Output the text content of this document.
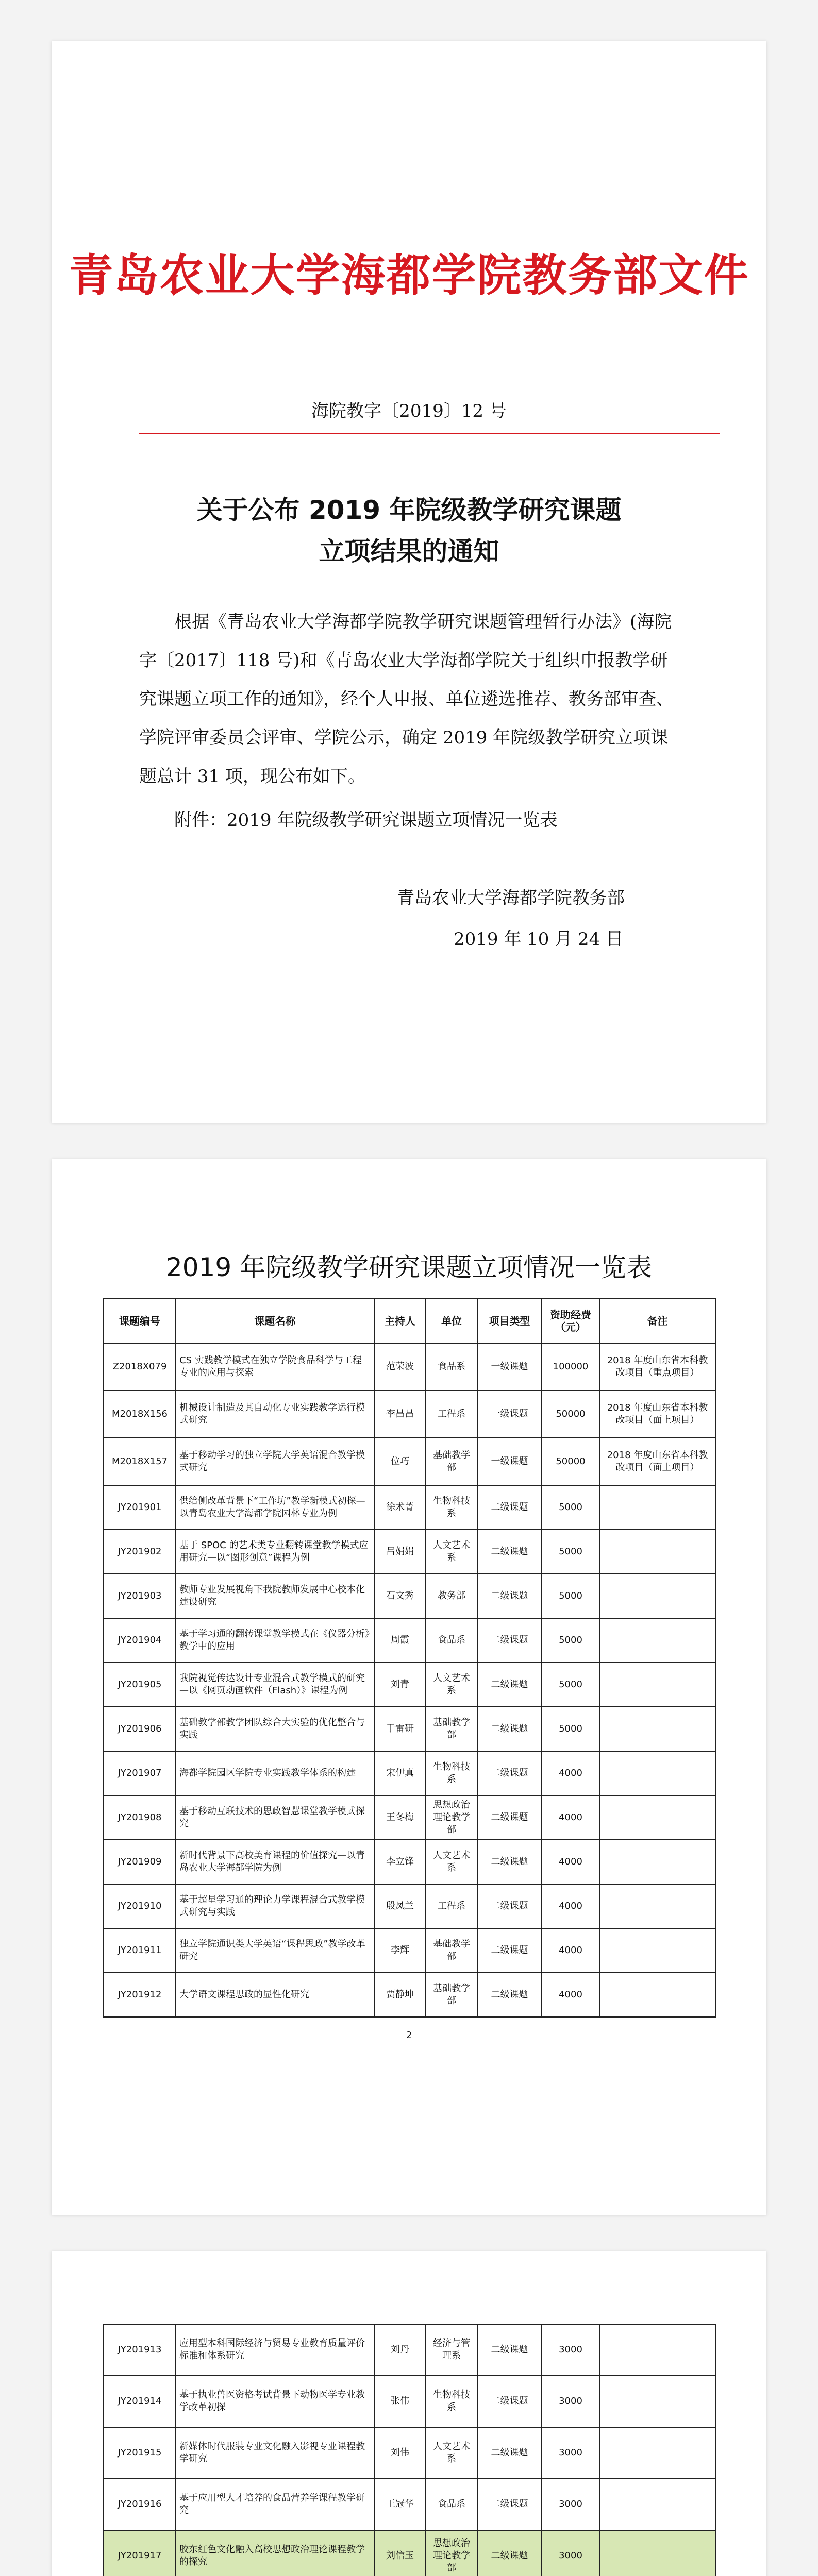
青岛农业大学海都学院教务部文件
海院教字〔2019〕12 号
关于公布 2019 年院级教学研究课题
立项结果的通知

根据《青岛农业大学海都学院教学研究课题管理暂行办法》(海院字〔2017〕118 号)和《青岛农业大学海都学院关于组织申报教学研究课题立项工作的通知》，经个人申报、单位遴选推荐、教务部审查、学院评审委员会评审、学院公示，确定 2019 年院级教学研究立项课题总计 31 项，现公布如下。

附件：2019 年院级教学研究课题立项情况一览表

青岛农业大学海都学院教务部
2019 年 10 月 24 日
2019 年院级教学研究课题立项情况一览表
课题编号	课题名称	主持人	单位	项目类型	资助经费（元）	备注
Z2018X079	CS 实践教学模式在独立学院食品科学与工程专业的应用与探索	范荣波	食品系	一级课题	100000	2018 年度山东省本科教改项目（重点项目）
M2018X156	机械设计制造及其自动化专业实践教学运行模式研究	李昌昌	工程系	一级课题	50000	2018 年度山东省本科教改项目（面上项目）
M2018X157	基于移动学习的独立学院大学英语混合教学模式研究	位巧	基础教学部	一级课题	50000	2018 年度山东省本科教改项目（面上项目）
JY201901	供给侧改革背景下“工作坊”教学新模式初探—以青岛农业大学海都学院园林专业为例	徐术菁	生物科技系	二级课题	5000	
JY201902	基于 SPOC 的艺术类专业翻转课堂教学模式应用研究—以“图形创意”课程为例	吕娟娟	人文艺术系	二级课题	5000	
JY201903	教师专业发展视角下我院教师发展中心校本化建设研究	石文秀	教务部	二级课题	5000	
JY201904	基于学习通的翻转课堂教学模式在《仪器分析》教学中的应用	周霞	食品系	二级课题	5000	
JY201905	我院视觉传达设计专业混合式教学模式的研究—以《网页动画软件（Flash）》课程为例	刘青	人文艺术系	二级课题	5000	
JY201906	基础教学部教学团队综合大实验的优化整合与实践	于雷研	基础教学部	二级课题	5000	
JY201907	海都学院园区学院专业实践教学体系的构建	宋伊真	生物科技系	二级课题	4000	
JY201908	基于移动互联技术的思政智慧课堂教学模式探究	王冬梅	思想政治理论教学部	二级课题	4000	
JY201909	新时代背景下高校美育课程的价值探究—以青岛农业大学海都学院为例	李立锋	人文艺术系	二级课题	4000	
JY201910	基于超星学习通的理论力学课程混合式教学模式研究与实践	殷凤兰	工程系	二级课题	4000	
JY201911	独立学院通识类大学英语“课程思政”教学改革研究	李辉	基础教学部	二级课题	4000	
JY201912	大学语文课程思政的显性化研究	贾静坤	基础教学部	二级课题	4000	
2
JY201913	应用型本科国际经济与贸易专业教育质量评价标准和体系研究	刘丹	经济与管理系	二级课题	3000	
JY201914	基于执业兽医资格考试背景下动物医学专业教学改革初探	张伟	生物科技系	二级课题	3000	
JY201915	新媒体时代服装专业文化融入影视专业课程教学研究	刘伟	人文艺术系	二级课题	3000	
JY201916	基于应用型人才培养的食品营养学课程教学研究	王冠华	食品系	二级课题	3000	
JY201917	胶东红色文化融入高校思想政治理论课程教学的探究	刘信玉	思想政治理论教学部	二级课题	3000	
